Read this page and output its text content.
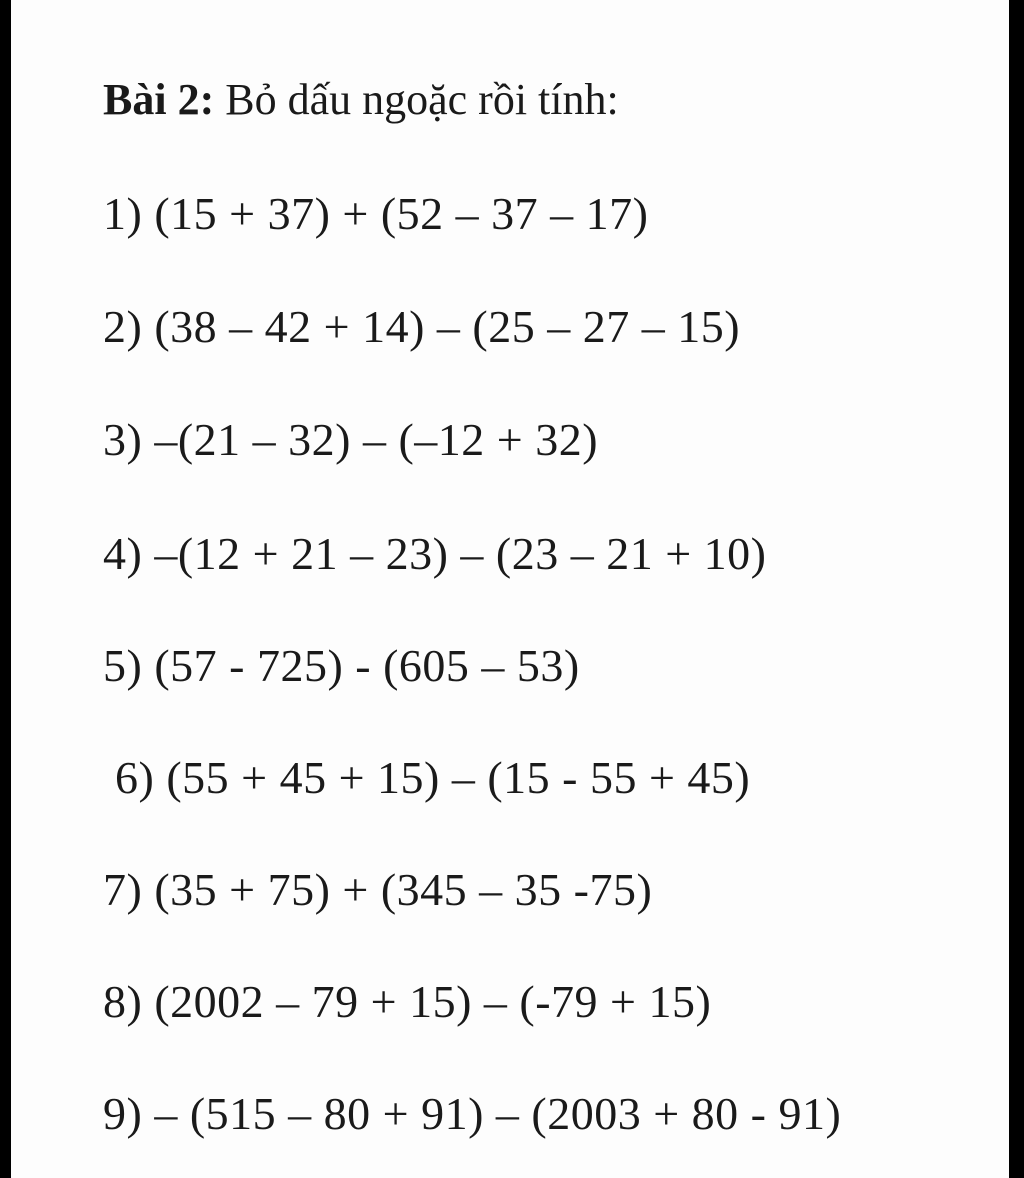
Bài 2: Bỏ dấu ngoặc rồi tính:
1) (15 + 37) + (52 – 37 – 17)
2) (38 – 42 + 14) – (25 – 27 – 15)
3) –(21 – 32) – (–12 + 32)
4) –(12 + 21 – 23) – (23 – 21 + 10)
5) (57 - 725) - (605 – 53)
6) (55 + 45 + 15) – (15 - 55 + 45)
7) (35 + 75) + (345 – 35 -75)
8) (2002 – 79 + 15) – (-79 + 15)
9) – (515 – 80 + 91) – (2003 + 80 - 91)
